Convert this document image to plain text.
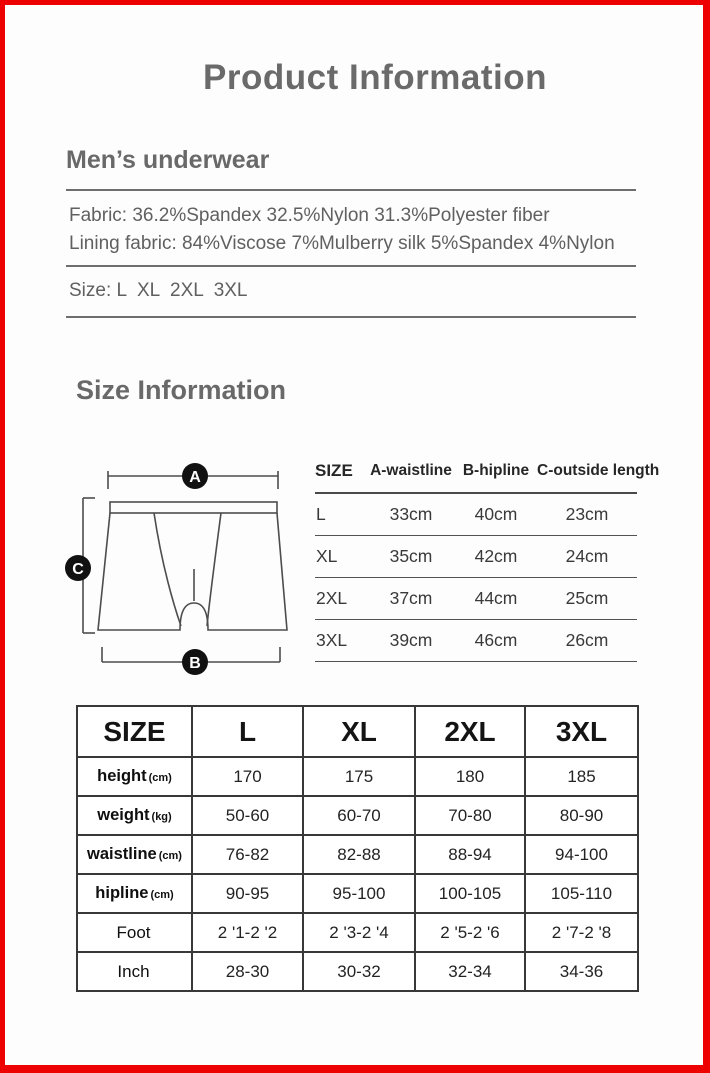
Product Information
Men’s underwear

Fabric: 36.2%Spandex 32.5%Nylon 31.3%Polyester fiber

Lining fabric: 84%Viscose 7%Mulberry silk 5%Spandex 4%Nylon

Size: L  XL  2XL  3XL

Size Information
A
C
B
SIZE	A-waistline	B-hipline	C-outside length
L	33cm	40cm	23cm
XL	35cm	42cm	24cm
2XL	37cm	44cm	25cm
3XL	39cm	46cm	26cm
SIZE	L	XL	2XL	3XL
height (cm)	170	175	180	185
weight (kg)	50-60	60-70	70-80	80-90
waistline (cm)	76-82	82-88	88-94	94-100
hipline (cm)	90-95	95-100	100-105	105-110
Foot	2 '1-2 '2	2 '3-2 '4	2 '5-2 '6	2 '7-2 '8
Inch	28-30	30-32	32-34	34-36
